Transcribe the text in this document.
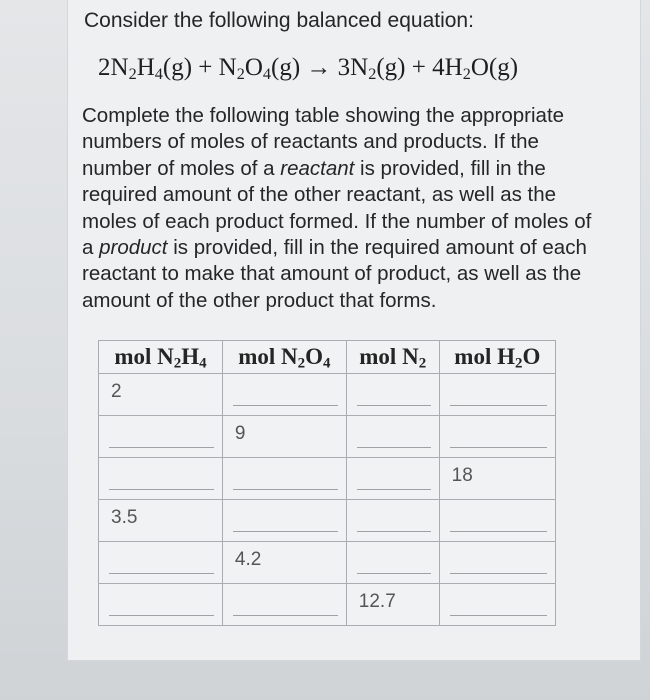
Consider the following balanced equation:
$2N_2H_4(g) + N_2O_4(g) \to 3N_2(g) + 4H_2O(g)$
Complete the following table showing the appropriate numbers of moles of reactants and products. If the number of moles of a reactant is provided, fill in the required amount of the other reactant, as well as the moles of each product formed. If the number of moles of a product is provided, fill in the required amount of each reactant to make that amount of product, as well as the amount of the other product that forms.
mol $N_2H_4$	mol $N_2O_4$	mol $N_2$	mol $H_2O$

2			

	9		

			18

3.5			

	4.2		

		12.7	
